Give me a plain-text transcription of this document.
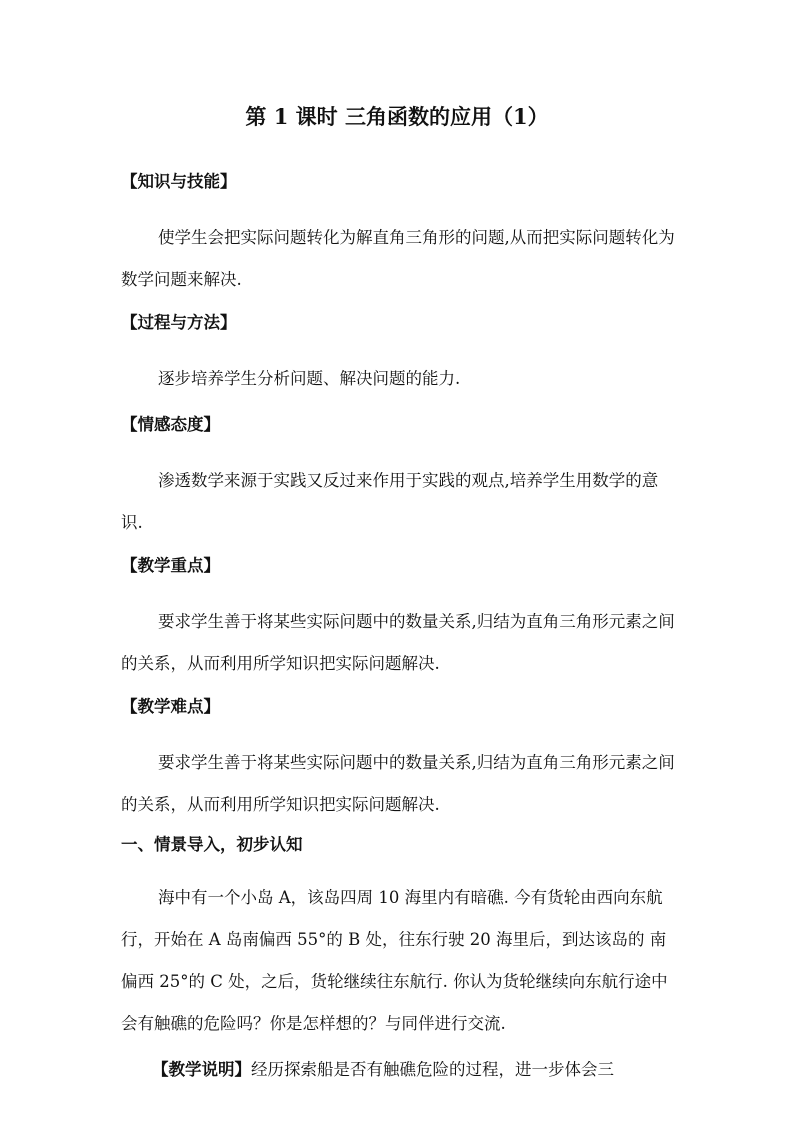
第 1 课时 三角函数的应用（1）
【知识与技能】
使学生会把实际问题转化为解直角三角形的问题,从而把实际问题转化为数学问题来解决.
【过程与方法】
逐步培养学生分析问题、解决问题的能力.
【情感态度】
渗透数学来源于实践又反过来作用于实践的观点,培养学生用数学的意识.
【教学重点】
要求学生善于将某些实际问题中的数量关系,归结为直角三角形元素之间的关系，从而利用所学知识把实际问题解决.
【教学难点】
要求学生善于将某些实际问题中的数量关系,归结为直角三角形元素之间的关系，从而利用所学知识把实际问题解决.
一、情景导入，初步认知
海中有一个小岛 A，该岛四周 10 海里内有暗礁. 今有货轮由西向东航行，开始在 A 岛南偏西 55°的 B 处，往东行驶 20 海里后，到达该岛的 南偏西 25°的 C 处，之后，货轮继续往东航行. 你认为货轮继续向东航行途中会有触礁的危险吗？你是怎样想的？与同伴进行交流.
【教学说明】经历探索船是否有触礁危险的过程，进一步体会三
